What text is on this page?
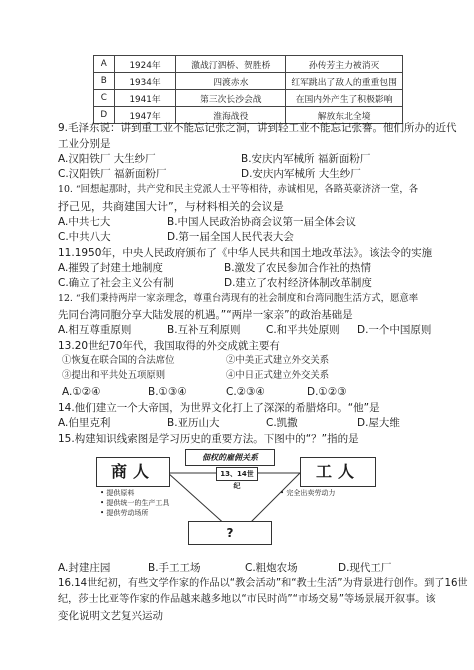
A	1924年	激战汀泗桥、贺胜桥	孙传芳主力被消灭
B	1934年	四渡赤水	红军跳出了敌人的重重包围
C	1941年	第三次长沙会战	在国内外产生了积极影响
D	1947年	淮海战役	解放东北全境
9.毛泽东说：讲到重工业不能忘记张之洞，讲到轻工业不能忘记张謇。他们所办的近代
工业分别是
A.汉阳铁厂 大生纱厂	B.安庆内军械所 福新面粉厂
C.汉阳铁厂 福新面粉厂	D.安庆内军械所 大生纱厂
10. “回想起那时，共产党和民主党派人士平等相待，赤诚相见，各路英豪济济一堂，各
抒己见，共商建国大计”，与材料相关的会议是
A.中共七大	B.中国人民政治协商会议第一届全体会议
C.中共八大	D.第一届全国人民代表大会
11.1950年，中央人民政府颁布了《中华人民共和国土地改革法》。该法令的实施
A.摧毁了封建土地制度	B.激发了农民参加合作社的热情
C.确立了社会主义公有制	D.建立了农村经济体制改革制度
12. “我们秉持两岸一家亲理念，尊重台湾现有的社会制度和台湾同胞生活方式，愿意率
先同台湾同胞分享大陆发展的机遇。”“两岸一家亲”的政治基础是
A.相互尊重原则	B.互补互利原则 C.和平共处原则 D.一个中国原则
13.20世纪70年代，我国取得的外交成就主要有
①恢复在联合国的合法席位	②中美正式建立外交关系
③提出和平共处五项原则	④中日正式建立外交关系
A.①②④	B.①③④	C.②③④	D.①②③
14.他们建立一个大帝国，为世界文化打上了深深的希腊烙印。“他”是
A.伯里克利	B.亚历山大	C.凯撒	D.屋大维
15.构建知识线索图是学习历史的重要方法。下图中的“？”指的是
商人	工人
佃权的雇佣关系
13、14世纪
• 提供原料
• 提供统一的生产工具
• 提供劳动场所
• 完全出卖劳动力
?
A.封建庄园	B.手工工场	C.粗炮农场	D.现代工厂
16.14世纪初，有些文学作家的作品以“教会活动”和“教士生活”为背景进行创作。到了16世
纪，莎士比亚等作家的作品越来越多地以“市民时尚”“市场交易”等场景展开叙事。该
变化说明文艺复兴运动
